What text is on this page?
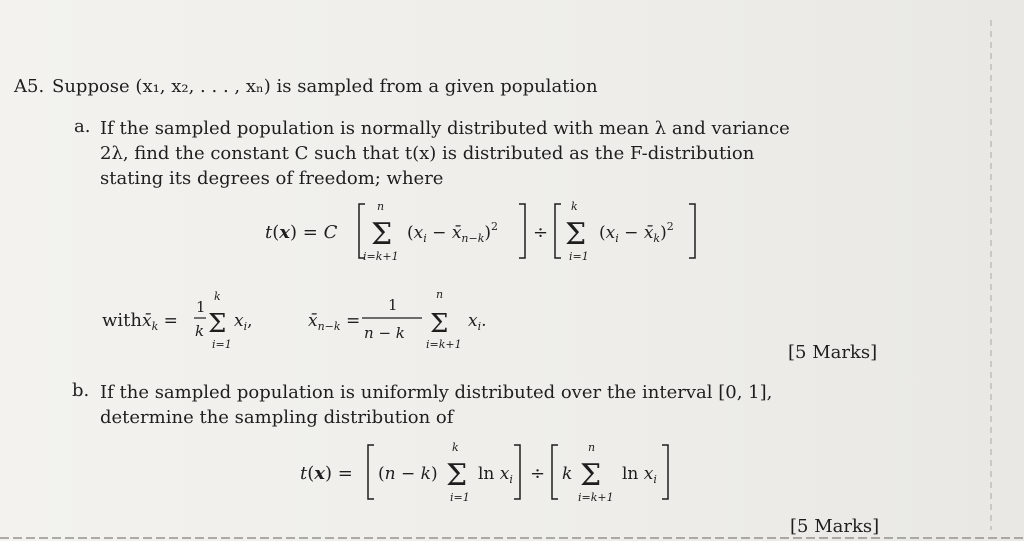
A5. Suppose (x₁, x₂, . . . , xₙ) is sampled from a given population
a. If the sampled population is normally distributed with mean λ and variance 2λ, find the constant C such that t(x) is distributed as the F-distribution stating its degrees of freedom; where
t(x) = C Σ
n
i=k+1
($x_i$ − $x̄_{n-k})^2 \div \Sigma$
k
i=1
($x_i$ − $x̄_k)^2$
with $x̄_k$ =
1
k Σ
k
i=1
$x_i$,	$x̄_{n-k}$ =
1
n − k Σ
n
i=k+1
$x_i$.
[5 Marks]
b. If the sampled population is uniformly distributed over the interval [0, 1], determine the sampling distribution of
t(x) = (n − k) Σ
k
i=1
$\ln x_i \div k$ Σ
n
i=k+1
$\ln x_i$
[5 Marks]
